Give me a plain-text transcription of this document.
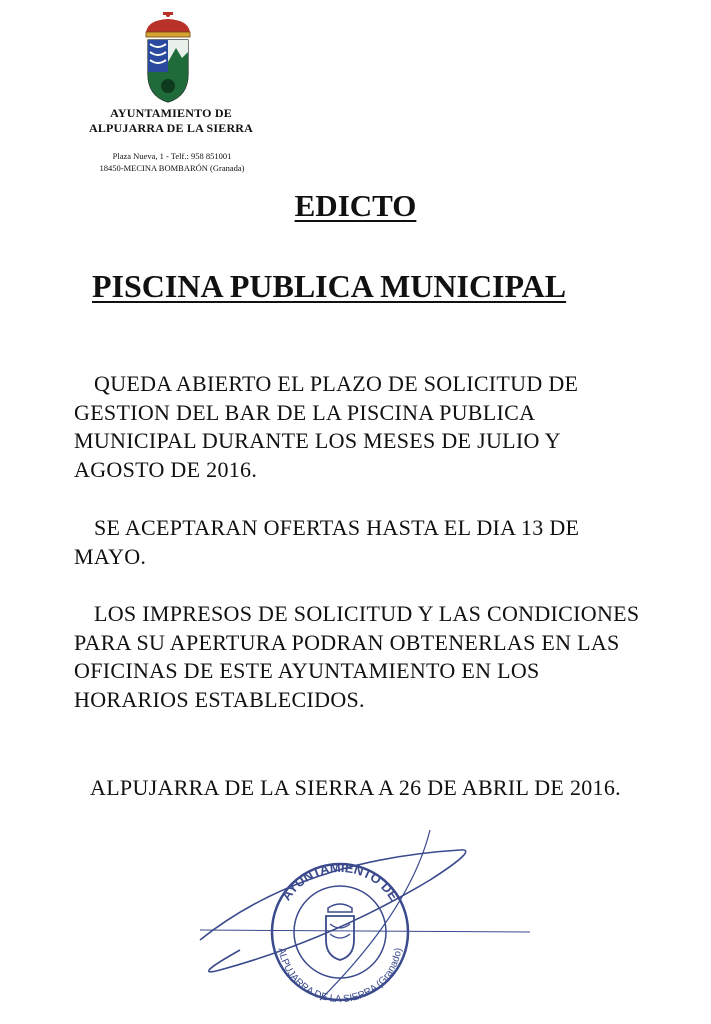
AYUNTAMIENTO DE
ALPUJARRA DE LA SIERRA
Plaza Nueva, 1 - Telf.: 958 851001
18450-MECINA BOMBARÓN (Granada)
EDICTO
PISCINA PUBLICA MUNICIPAL
QUEDA ABIERTO EL PLAZO DE SOLICITUD DE GESTION DEL BAR DE LA PISCINA PUBLICA MUNICIPAL DURANTE LOS MESES DE JULIO Y AGOSTO DE 2016.
SE ACEPTARAN OFERTAS HASTA EL DIA 13 DE MAYO.
LOS IMPRESOS DE SOLICITUD Y LAS CONDICIONES PARA SU APERTURA PODRAN OBTENERLAS EN LAS OFICINAS DE ESTE AYUNTAMIENTO EN LOS HORARIOS ESTABLECIDOS.
ALPUJARRA DE LA SIERRA A 26 DE ABRIL DE 2016.
AYUNTAMIENTO DE
ALPUJARRA DE LA SIERRA (Granado)
